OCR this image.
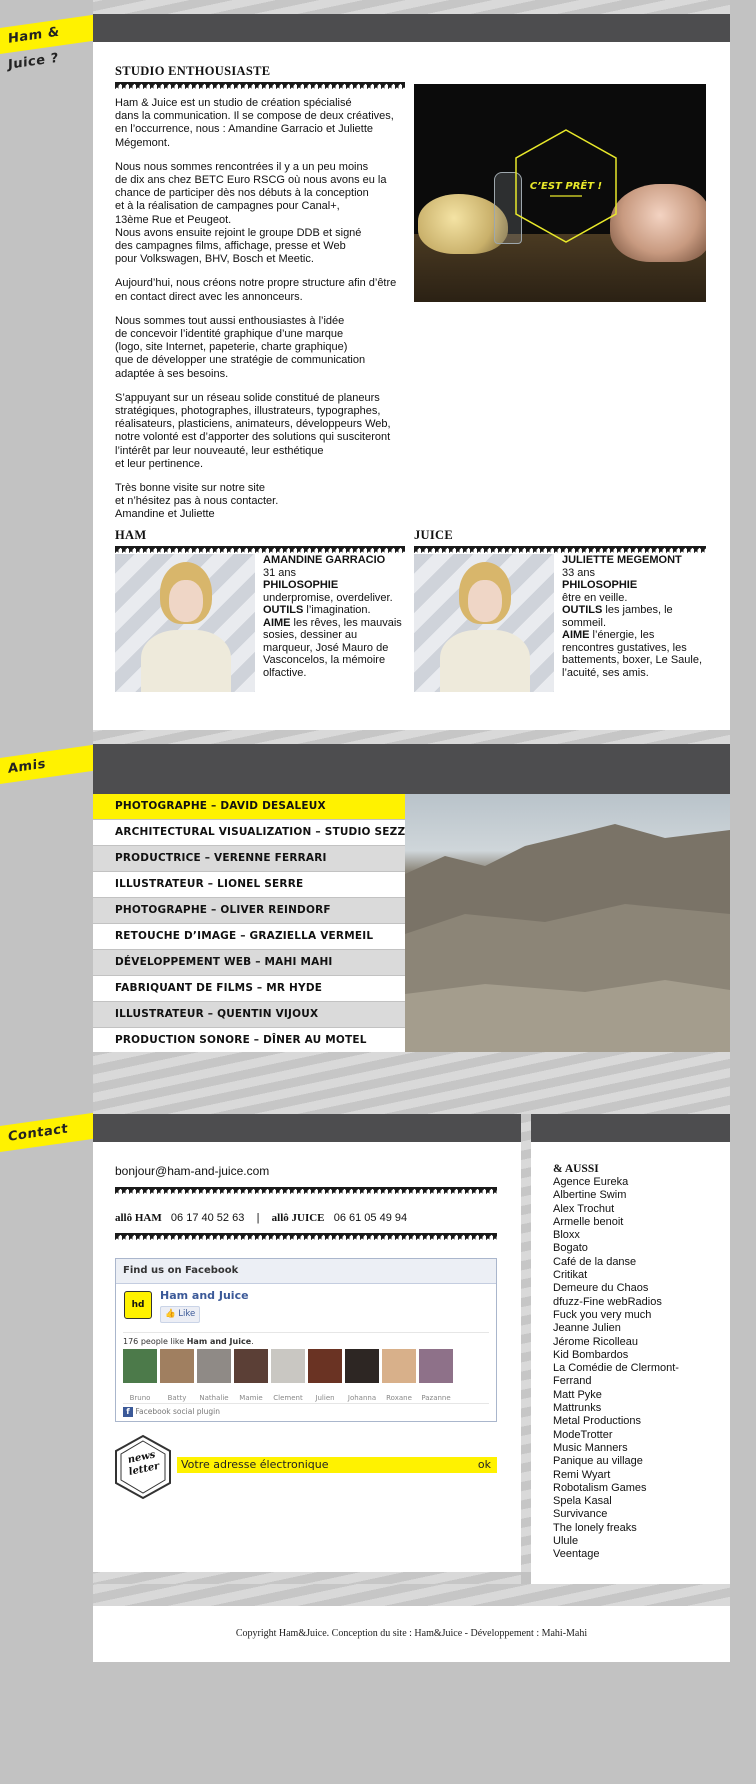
Ham & Juice ?	STUDIO ENTHOUSIASTE

Ham & Juice est un studio de création spécialisé
dans la communication. Il se compose de deux créatives,
en l’occurrence, nous : Amandine Garracio et Juliette
Mégemont.

Nous nous sommes rencontrées il y a un peu moins
de dix ans chez BETC Euro RSCG où nous avons eu la
chance de participer dès nos débuts à la conception
et à la réalisation de campagnes pour Canal+,
13ème Rue et Peugeot.
Nous avons ensuite rejoint le groupe DDB et signé
des campagnes films, affichage, presse et Web
pour Volkswagen, BHV, Bosch et Meetic.

Aujourd’hui, nous créons notre propre structure afin d’être
en contact direct avec les annonceurs.

Nous sommes tout aussi enthousiastes à l’idée
de concevoir l’identité graphique d’une marque
(logo, site Internet, papeterie, charte graphique)
que de développer une stratégie de communication
adaptée à ses besoins.

S’appuyant sur un réseau solide constitué de planeurs
stratégiques, photographes, illustrateurs, typographes,
réalisateurs, plasticiens, animateurs, développeurs Web,
notre volonté est d’apporter des solutions qui susciteront
l’intérêt par leur nouveauté, leur esthétique
et leur pertinence.

Très bonne visite sur notre site
et n’hésitez pas à nous contacter.
Amandine et Juliette

C’EST PRÊT !
HAM
AMANDINE GARRACIO
31 ans
PHILOSOPHIE
underpromise, overdeliver.
OUTILS l’imagination.
AIME les rêves, les mauvais sosies, dessiner au marqueur, José Mauro de Vasconcelos, la mémoire olfactive.
JUICE
JULIETTE MEGEMONT
33 ans
PHILOSOPHIE
être en veille.
OUTILS les jambes, le sommeil.
AIME l’énergie, les rencontres gustatives, les battements, boxer, Le Saule, l’acuité, ses amis.
Amis
PHOTOGRAPHE – DAVID DESALEUX
ARCHITECTURAL VISUALIZATION – STUDIO SEZZ
PRODUCTRICE – VERENNE FERRARI
ILLUSTRATEUR – LIONEL SERRE
PHOTOGRAPHE – OLIVER REINDORF
RETOUCHE D’IMAGE – GRAZIELLA VERMEIL
DÉVELOPPEMENT WEB – MAHI MAHI
FABRIQUANT DE FILMS – MR HYDE
ILLUSTRATEUR – QUENTIN VIJOUX
PRODUCTION SONORE – DÎNER AU MOTEL
Contact
bonjour@ham-and-juice.com
allô HAM 06 17 40 52 63 | allô JUICE 06 61 05 49 94
Find us on Facebook
hd
Ham and Juice
👍 Like
176 people like Ham and Juice.
Bruno Batty Nathalie Mamie Clement Julien Johanna Roxane Pazanne
f Facebook social plugin
news letter	Votre adresse électronique	ok
& AUSSI
Agence Eureka
Albertine Swim
Alex Trochut
Armelle benoit
Bloxx
Bogato
Café de la danse
Critikat
Demeure du Chaos
dfuzz-Fine webRadios
Fuck you very much
Jeanne Julien
Jérome Ricolleau
Kid Bombardos
La Comédie de Clermont-
Ferrand
Matt Pyke
Mattrunks
Metal Productions
ModeTrotter
Music Manners
Panique au village
Remi Wyart
Robotalism Games
Spela Kasal
Survivance
The lonely freaks
Ulule
Veentage
Copyright Ham&Juice. Conception du site : Ham&Juice - Développement : Mahi-Mahi
